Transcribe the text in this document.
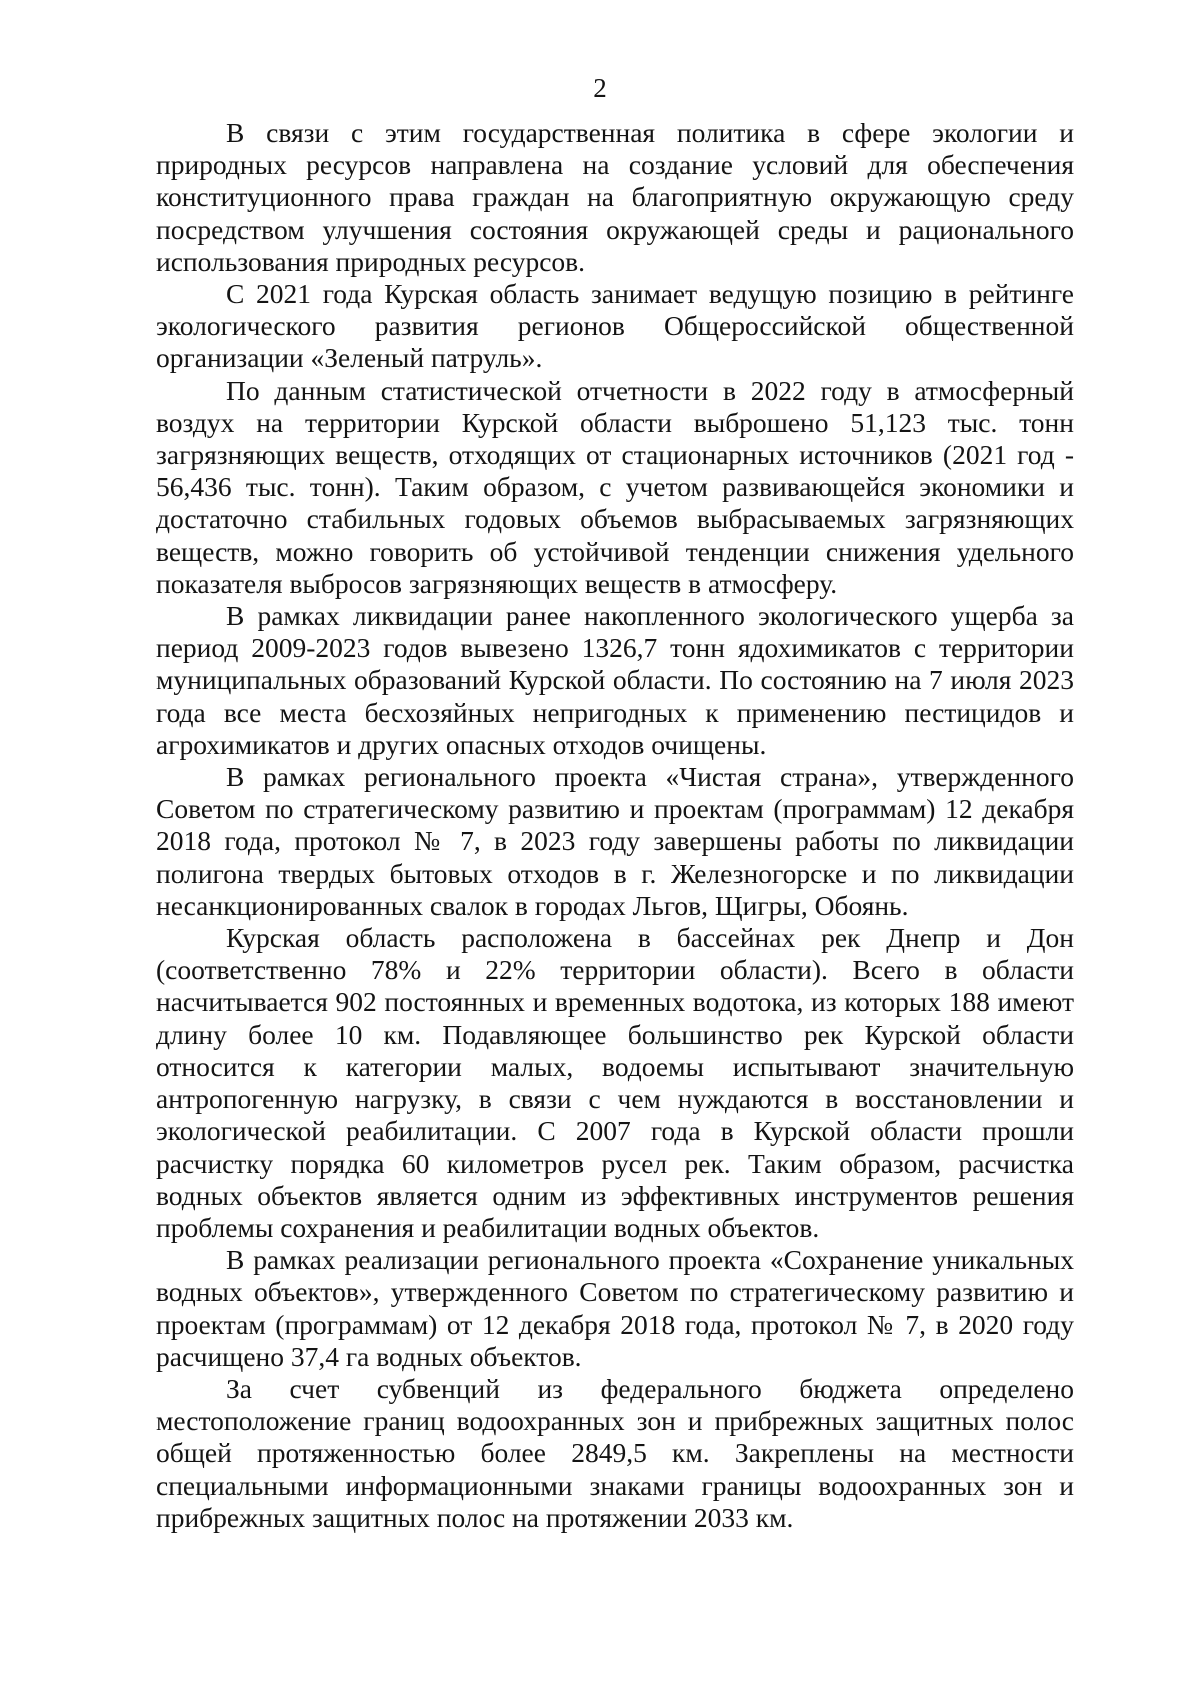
2

В связи с этим государственная политика в сфере экологии и природных ресурсов направлена на создание условий для обеспечения конституционного права граждан на благоприятную окружающую среду посредством улучшения состояния окружающей среды и рационального использования природных ресурсов.

С 2021 года Курская область занимает ведущую позицию в рейтинге экологического развития регионов Общероссийской общественной организации «Зеленый патруль».

По данным статистической отчетности в 2022 году в атмосферный воздух на территории Курской области выброшено 51,123 тыс. тонн загрязняющих веществ, отходящих от стационарных источников (2021 год - 56,436 тыс. тонн). Таким образом, с учетом развивающейся экономики и достаточно стабильных годовых объемов выбрасываемых загрязняющих веществ, можно говорить об устойчивой тенденции снижения удельного показателя выбросов загрязняющих веществ в атмосферу.

В рамках ликвидации ранее накопленного экологического ущерба за период 2009-2023 годов вывезено 1326,7 тонн ядохимикатов с территории муниципальных образований Курской области. По состоянию на 7 июля 2023 года все места бесхозяйных непригодных к применению пестицидов и агрохимикатов и других опасных отходов очищены.

В рамках регионального проекта «Чистая страна», утвержденного Советом по стратегическому развитию и проектам (программам) 12 декабря 2018 года, протокол № 7, в 2023 году завершены работы по ликвидации полигона твердых бытовых отходов в г. Железногорске и по ликвидации несанкционированных свалок в городах Льгов, Щигры, Обоянь.

Курская область расположена в бассейнах рек Днепр и Дон (соответственно 78% и 22% территории области). Всего в области насчитывается 902 постоянных и временных водотока, из которых 188 имеют длину более 10 км. Подавляющее большинство рек Курской области относится к категории малых, водоемы испытывают значительную антропогенную нагрузку, в связи с чем нуждаются в восстановлении и экологической реабилитации. С 2007 года в Курской области прошли расчистку порядка 60 километров русел рек. Таким образом, расчистка водных объектов является одним из эффективных инструментов решения проблемы сохранения и реабилитации водных объектов.

В рамках реализации регионального проекта «Сохранение уникальных водных объектов», утвержденного Советом по стратегическому развитию и проектам (программам) от 12 декабря 2018 года, протокол № 7, в 2020 году расчищено 37,4 га водных объектов.

За счет субвенций из федерального бюджета определено местоположение границ водоохранных зон и прибрежных защитных полос общей протяженностью более 2849,5 км. Закреплены на местности специальными информационными знаками границы водоохранных зон и прибрежных защитных полос на протяжении 2033 км.
